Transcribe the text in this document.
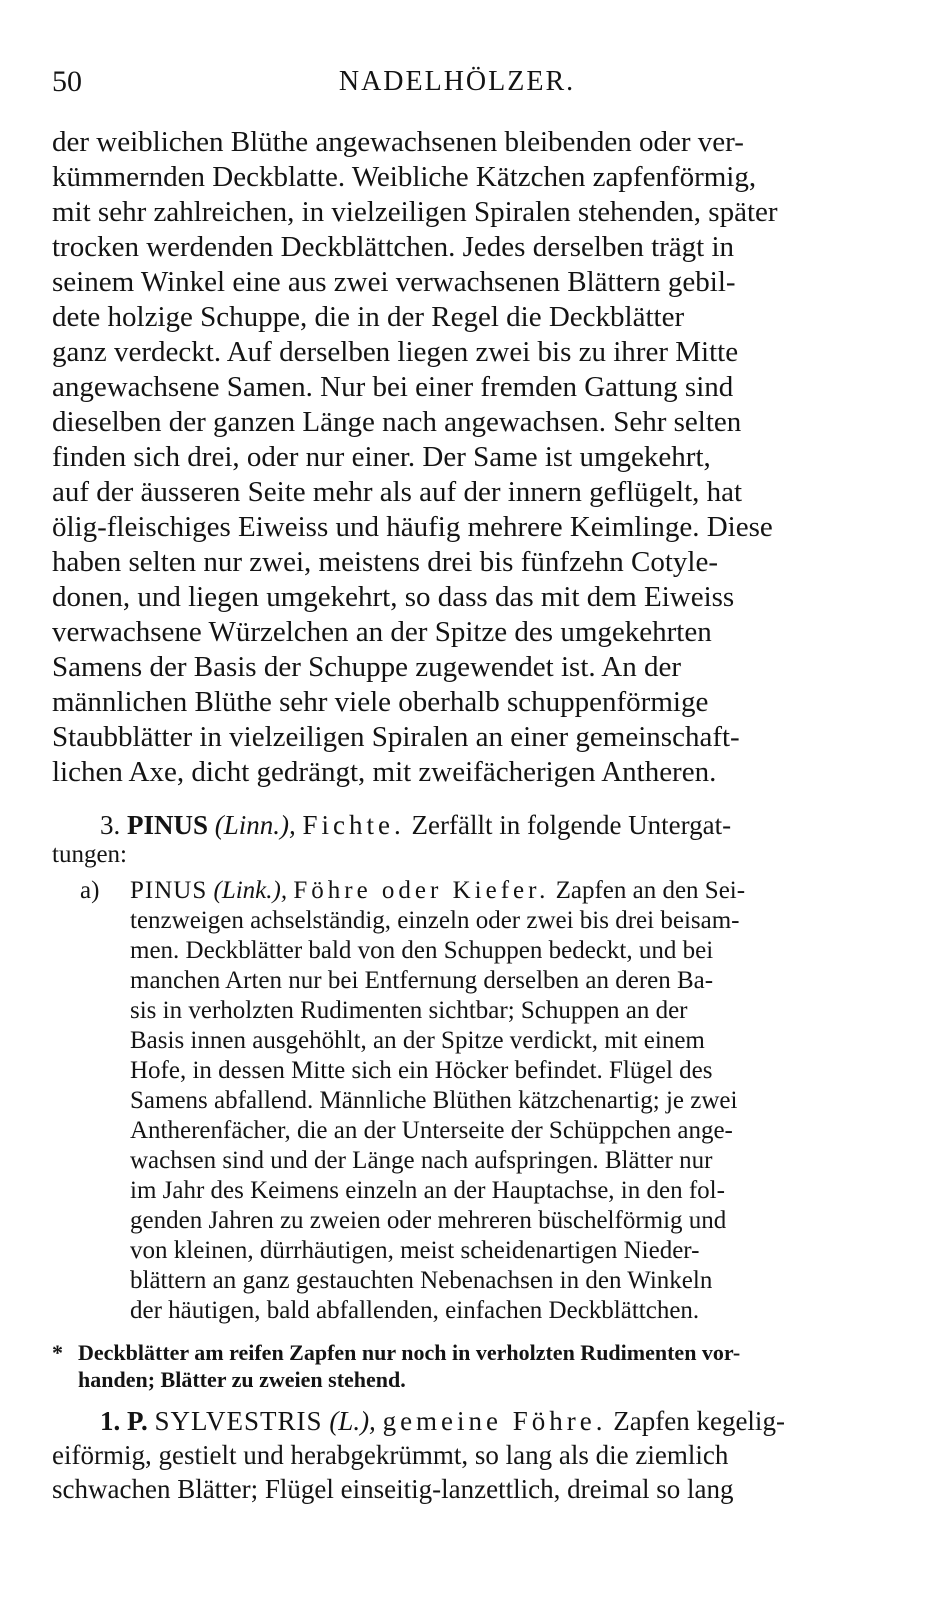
50	NADELHÖLZER.
der weiblichen Blüthe angewachsenen bleibenden oder ver-
kümmernden Deckblatte. Weibliche Kätzchen zapfenförmig,
mit sehr zahlreichen, in vielzeiligen Spiralen stehenden, später
trocken werdenden Deckblättchen. Jedes derselben trägt in
seinem Winkel eine aus zwei verwachsenen Blättern gebil-
dete holzige Schuppe, die in der Regel die Deckblätter
ganz verdeckt. Auf derselben liegen zwei bis zu ihrer Mitte
angewachsene Samen. Nur bei einer fremden Gattung sind
dieselben der ganzen Länge nach angewachsen. Sehr selten
finden sich drei, oder nur einer. Der Same ist umgekehrt,
auf der äusseren Seite mehr als auf der innern geflügelt, hat
ölig-fleischiges Eiweiss und häufig mehrere Keimlinge. Diese
haben selten nur zwei, meistens drei bis fünfzehn Cotyle-
donen, und liegen umgekehrt, so dass das mit dem Eiweiss
verwachsene Würzelchen an der Spitze des umgekehrten
Samens der Basis der Schuppe zugewendet ist. An der
männlichen Blüthe sehr viele oberhalb schuppenförmige
Staubblätter in vielzeiligen Spiralen an einer gemeinschaft-
lichen Axe, dicht gedrängt, mit zweifächerigen Antheren.
3. PINUS (Linn.), Fichte. Zerfällt in folgende Untergat-
tungen:
a) PINUS (Link.), Föhre oder Kiefer. Zapfen an den Sei-
tenzweigen achselständig, einzeln oder zwei bis drei beisam-
men. Deckblätter bald von den Schuppen bedeckt, und bei
manchen Arten nur bei Entfernung derselben an deren Ba-
sis in verholzten Rudimenten sichtbar; Schuppen an der
Basis innen ausgehöhlt, an der Spitze verdickt, mit einem
Hofe, in dessen Mitte sich ein Höcker befindet. Flügel des
Samens abfallend. Männliche Blüthen kätzchenartig; je zwei
Antherenfächer, die an der Unterseite der Schüppchen ange-
wachsen sind und der Länge nach aufspringen. Blätter nur
im Jahr des Keimens einzeln an der Hauptachse, in den fol-
genden Jahren zu zweien oder mehreren büschelförmig und
von kleinen, dürrhäutigen, meist scheidenartigen Nieder-
blättern an ganz gestauchten Nebenachsen in den Winkeln
der häutigen, bald abfallenden, einfachen Deckblättchen.
* Deckblätter am reifen Zapfen nur noch in verholzten Rudimenten vor-
handen; Blätter zu zweien stehend.
1. P. SYLVESTRIS (L.), gemeine Föhre. Zapfen kegelig-
eiförmig, gestielt und herabgekrümmt, so lang als die ziemlich
schwachen Blätter; Flügel einseitig-lanzettlich, dreimal so lang
